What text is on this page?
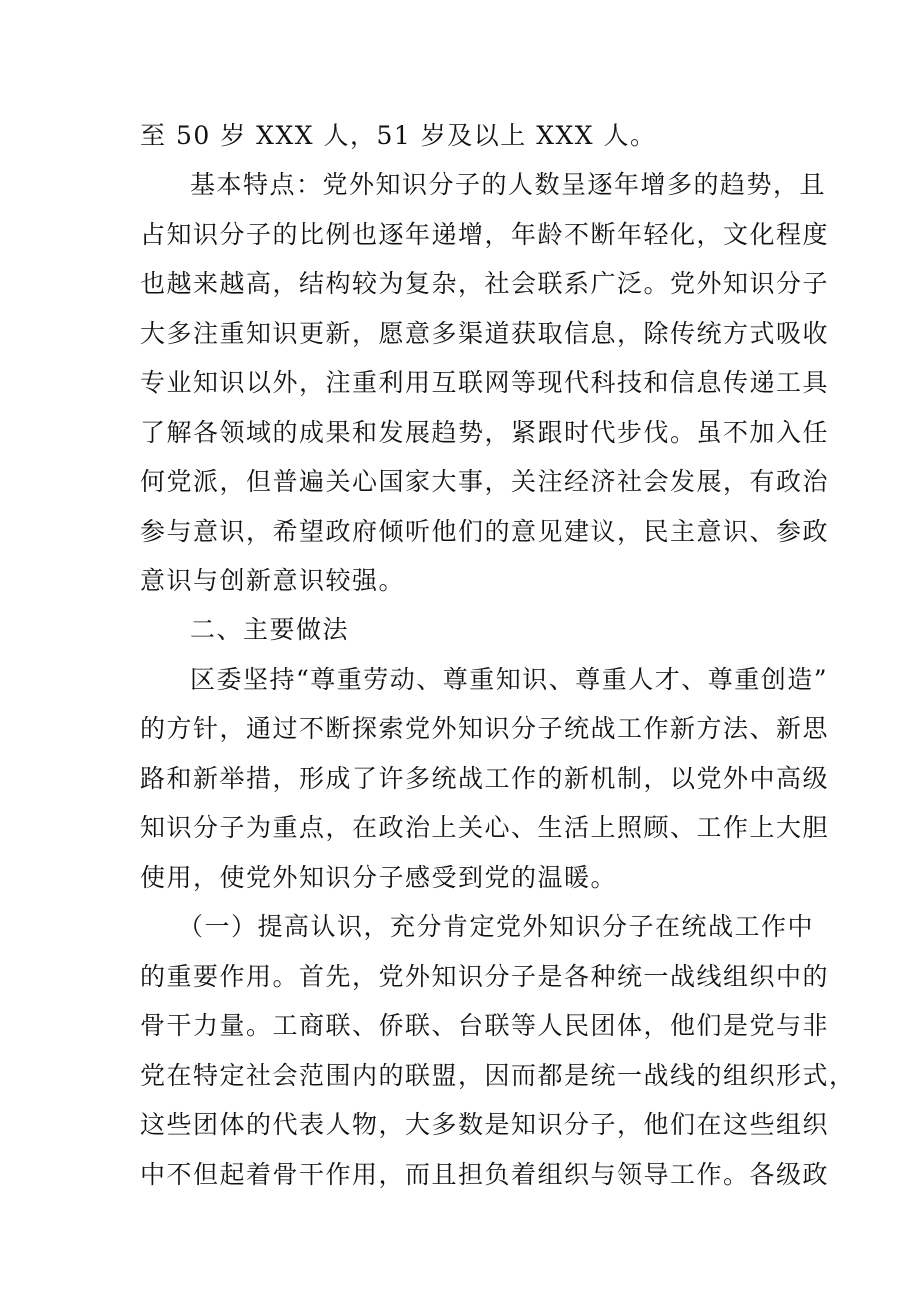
至 50 岁 XXX 人，51 岁及以上 XXX 人。
基本特点：党外知识分子的人数呈逐年增多的趋势，且
占知识分子的比例也逐年递增，年龄不断年轻化，文化程度
也越来越高，结构较为复杂，社会联系广泛。党外知识分子
大多注重知识更新，愿意多渠道获取信息，除传统方式吸收
专业知识以外，注重利用互联网等现代科技和信息传递工具
了解各领域的成果和发展趋势，紧跟时代步伐。虽不加入任
何党派，但普遍关心国家大事，关注经济社会发展，有政治
参与意识，希望政府倾听他们的意见建议，民主意识、参政
意识与创新意识较强。
二、主要做法
区委坚持“尊重劳动、尊重知识、尊重人才、尊重创造”
的方针，通过不断探索党外知识分子统战工作新方法、新思
路和新举措，形成了许多统战工作的新机制，以党外中高级
知识分子为重点，在政治上关心、生活上照顾、工作上大胆
使用，使党外知识分子感受到党的温暖。
（一）提高认识，充分肯定党外知识分子在统战工作中
的重要作用。首先，党外知识分子是各种统一战线组织中的
骨干力量。工商联、侨联、台联等人民团体，他们是党与非
党在特定社会范围内的联盟，因而都是统一战线的组织形式，
这些团体的代表人物，大多数是知识分子，他们在这些组织
中不但起着骨干作用，而且担负着组织与领导工作。各级政
